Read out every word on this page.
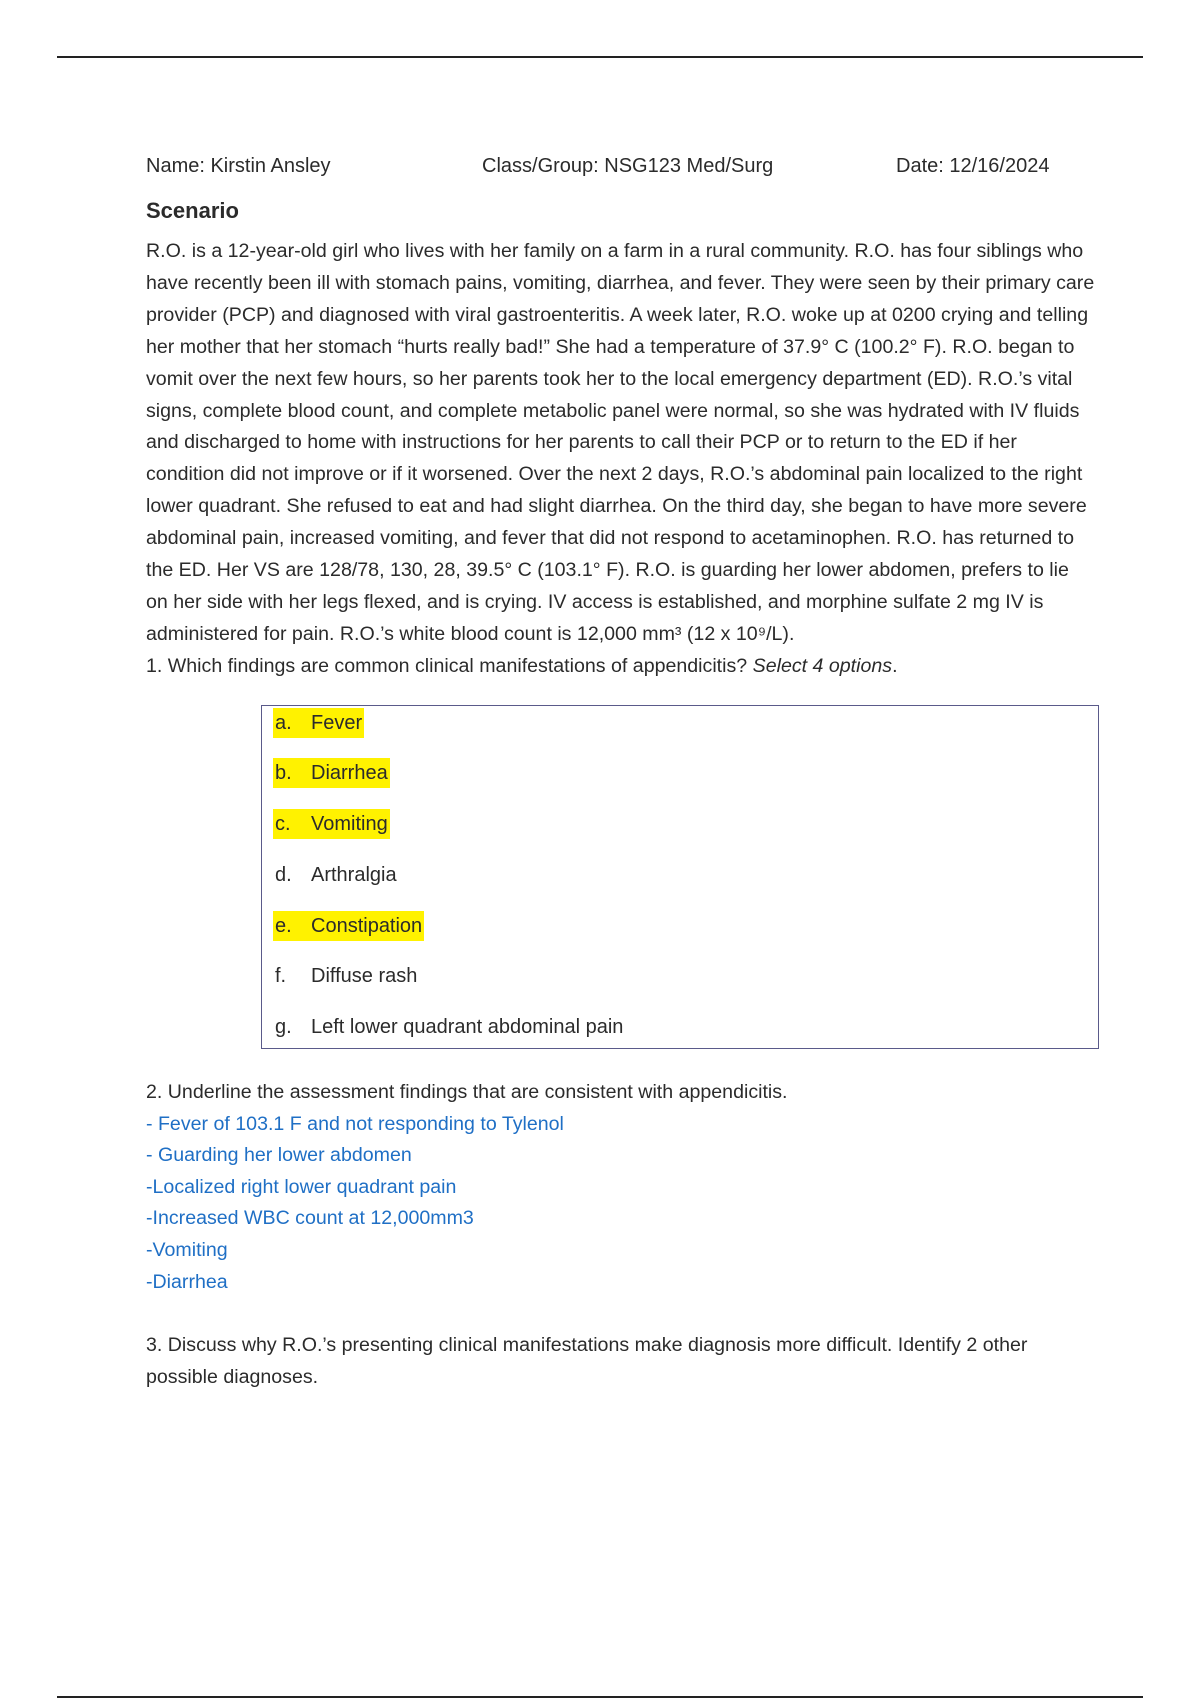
Name: Kirstin Ansley	Class/Group: NSG123 Med/Surg	Date: 12/16/2024
Scenario
R.O. is a 12-year-old girl who lives with her family on a farm in a rural community. R.O. has four siblings who have recently been ill with stomach pains, vomiting, diarrhea, and fever. They were seen by their primary care provider (PCP) and diagnosed with viral gastroenteritis. A week later, R.O. woke up at 0200 crying and telling her mother that her stomach “hurts really bad!” She had a temperature of 37.9° C (100.2° F). R.O. began to vomit over the next few hours, so her parents took her to the local emergency department (ED). R.O.’s vital signs, complete blood count, and complete metabolic panel were normal, so she was hydrated with IV fluids and discharged to home with instructions for her parents to call their PCP or to return to the ED if her condition did not improve or if it worsened. Over the next 2 days, R.O.’s abdominal pain localized to the right lower quadrant. She refused to eat and had slight diarrhea. On the third day, she began to have more severe abdominal pain, increased vomiting, and fever that did not respond to acetaminophen. R.O. has returned to the ED. Her VS are 128/78, 130, 28, 39.5° C (103.1° F). R.O. is guarding her lower abdomen, prefers to lie on her side with her legs flexed, and is crying. IV access is established, and morphine sulfate 2 mg IV is administered for pain. R.O.’s white blood count is 12,000 mm³ (12 x 10⁹/L).
1. Which findings are common clinical manifestations of appendicitis? Select 4 options.
a. Fever
b. Diarrhea
c. Vomiting
d. Arthralgia
e. Constipation
f. Diffuse rash
g. Left lower quadrant abdominal pain
2. Underline the assessment findings that are consistent with appendicitis.
- Fever of 103.1 F and not responding to Tylenol
- Guarding her lower abdomen
-Localized right lower quadrant pain
-Increased WBC count at 12,000mm3
-Vomiting
-Diarrhea
3. Discuss why R.O.’s presenting clinical manifestations make diagnosis more difficult. Identify 2 other possible diagnoses.
